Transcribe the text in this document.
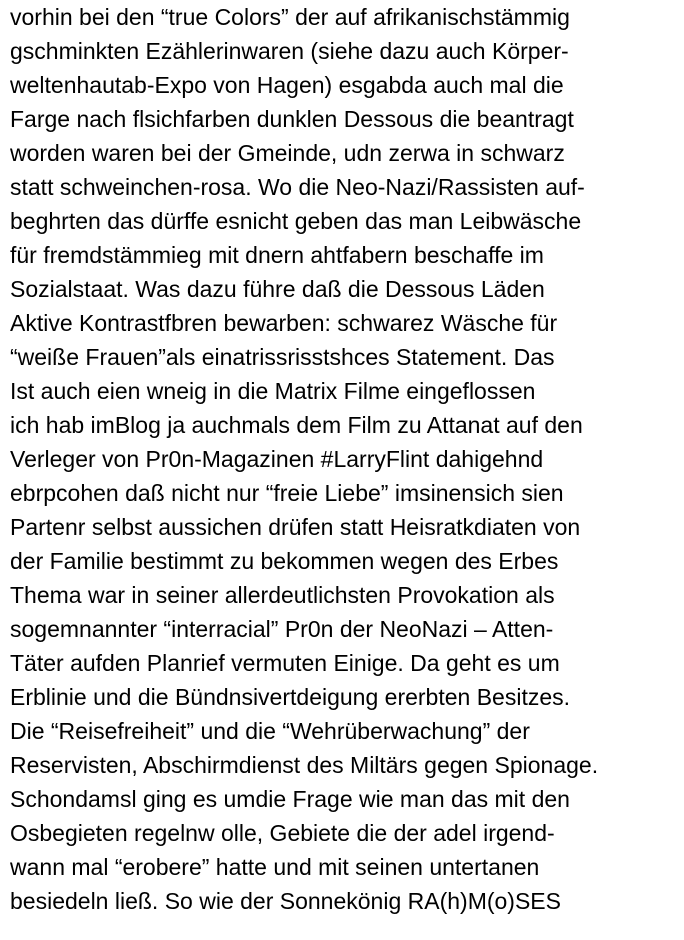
vorhin bei den “true Colors” der auf afrikanischstämmig
gschminkten Ezählerinwaren (siehe dazu auch Körper-
weltenhautab-Expo von Hagen) esgabda auch mal die
Farge nach flsichfarben dunklen Dessous die beantragt
worden waren bei der Gmeinde, udn zerwa in schwarz
statt schweinchen-rosa. Wo die Neo-Nazi/Rassisten auf-
beghrten das dürffe esnicht geben das man Leibwäsche
für fremdstämmieg mit dnern ahtfabern beschaffe im
Sozialstaat. Was dazu führe daß die Dessous Läden
Aktive Kontrastfbren bewarben: schwarez Wäsche für
“weiße Frauen”als einatrissrisstshces Statement. Das
Ist auch eien wneig in die Matrix Filme eingeflossen
ich hab imBlog ja auchmals dem Film zu Attanat auf den
Verleger von Pr0n-Magazinen #LarryFlint dahigehnd
ebrpcohen daß nicht nur “freie Liebe” imsinensich sien
Partenr selbst aussichen drüfen statt Heisratkdiaten von
der Familie bestimmt zu bekommen wegen des Erbes
Thema war in seiner allerdeutlichsten Provokation als
sogemnannter “interracial” Pr0n der NeoNazi – Atten-
Täter aufden Planrief vermuten Einige. Da geht es um
Erblinie und die Bündnsivertdeigung ererbten Besitzes.
Die “Reisefreiheit” und die “Wehrüberwachung” der
Reservisten, Abschirmdienst des Miltärs gegen Spionage.
Schondamsl ging es umdie Frage wie man das mit den
Osbegieten regelnw olle, Gebiete die der adel irgend-
wann mal “erobere” hatte und mit seinen untertanen
besiedeln ließ. So wie der Sonnekönig RA(h)M(o)SES
